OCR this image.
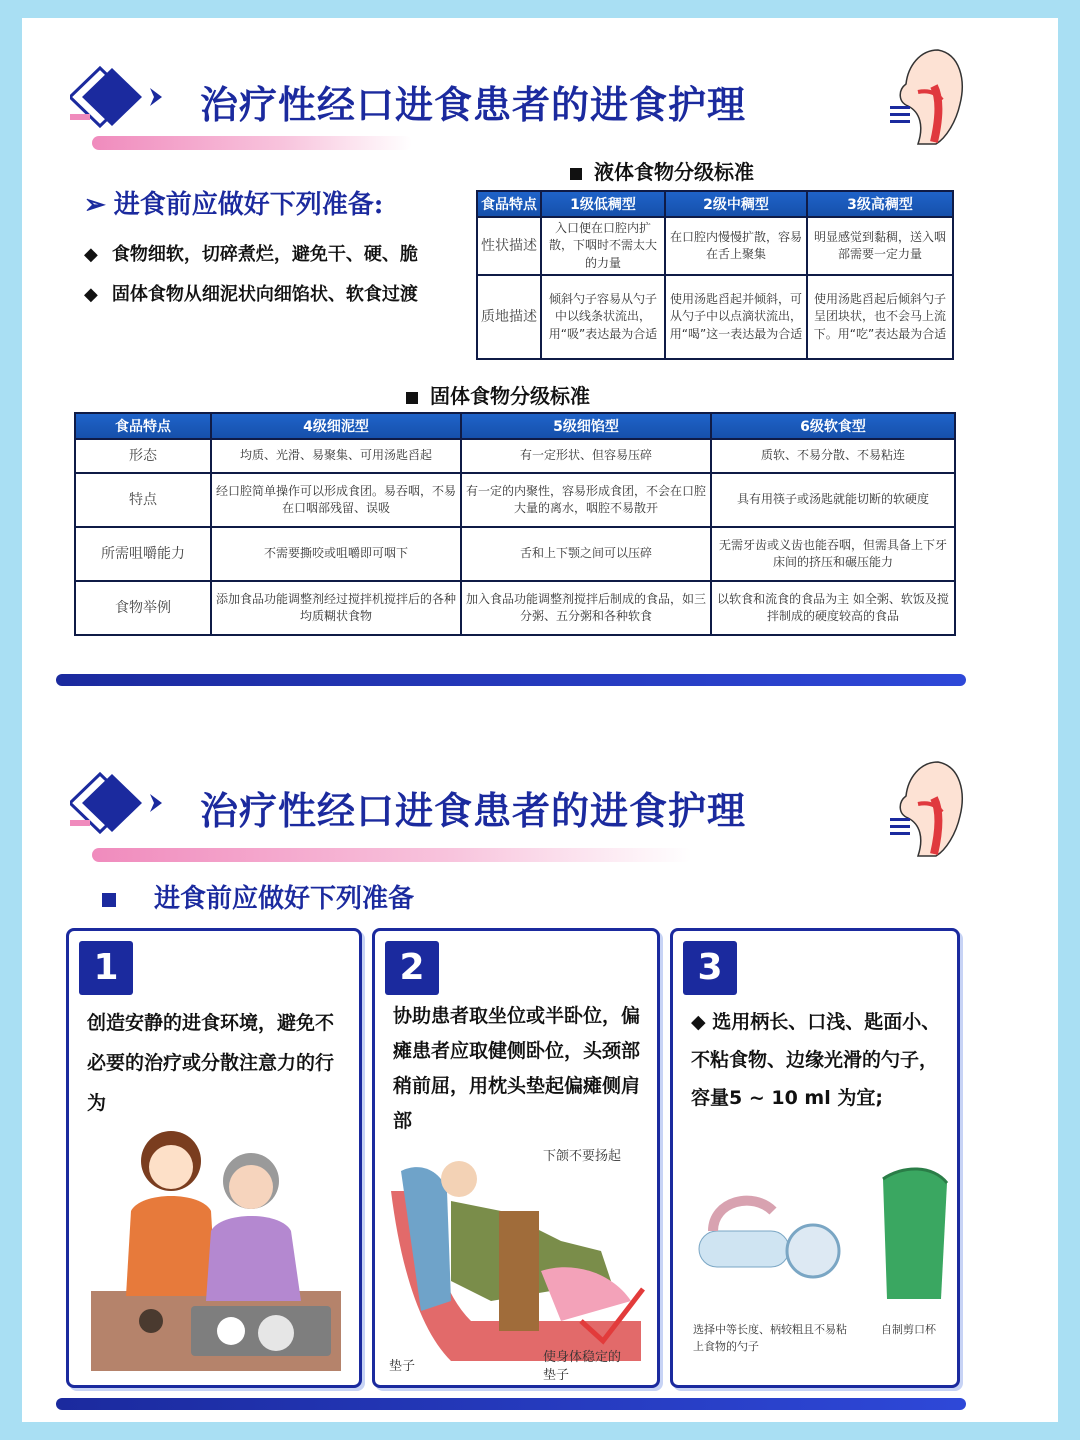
治疗性经口进食患者的进食护理
➢ 进食前应做好下列准备:
◆ 食物细软，切碎煮烂，避免干、硬、脆
◆ 固体食物从细泥状向细馅状、软食过渡
液体食物分级标准
食品特点	1级低稠型	2级中稠型	3级高稠型
性状描述	入口便在口腔内扩散，下咽时不需太大的力量	在口腔内慢慢扩散，容易在舌上聚集	明显感觉到黏稠，送入咽部需要一定力量
质地描述	倾斜勺子容易从勺子中以线条状流出，用“吸”表达最为合适	使用汤匙舀起并倾斜，可从勺子中以点滴状流出，用“喝”这一表达最为合适	使用汤匙舀起后倾斜勺子呈团块状，也不会马上流下。用“吃”表达最为合适
固体食物分级标准
食品特点	4级细泥型	5级细馅型	6级软食型
形态	均质、光滑、易聚集、可用汤匙舀起	有一定形状、但容易压碎	质软、不易分散、不易粘连
特点	经口腔简单操作可以形成食团。易吞咽，不易在口咽部残留、误吸	有一定的内聚性，容易形成食团，不会在口腔大量的离水，咽腔不易散开	具有用筷子或汤匙就能切断的软硬度
所需咀嚼能力	不需要撕咬或咀嚼即可咽下	舌和上下颚之间可以压碎	无需牙齿或义齿也能吞咽，但需具备上下牙床间的挤压和碾压能力
食物举例	添加食品功能调整剂经过搅拌机搅拌后的各种均质糊状食物	加入食品功能调整剂搅拌后制成的食品，如三分粥、五分粥和各种软食	以软食和流食的食品为主 如全粥、软饭及搅拌制成的硬度较高的食品
治疗性经口进食患者的进食护理
进食前应做好下列准备
1
创造安静的进食环境，避免不必要的治疗或分散注意力的行为
2
协助患者取坐位或半卧位，偏瘫患者应取健侧卧位，头颈部稍前屈，用枕头垫起偏瘫侧肩部
下颌不要扬起
垫子
使身体稳定的垫子
3
◆ 选用柄长、口浅、匙面小、不粘食物、边缘光滑的勺子，容量5 ~ 10 ml 为宜;
选择中等长度、柄较粗且不易粘上食物的勺子
自制剪口杯
